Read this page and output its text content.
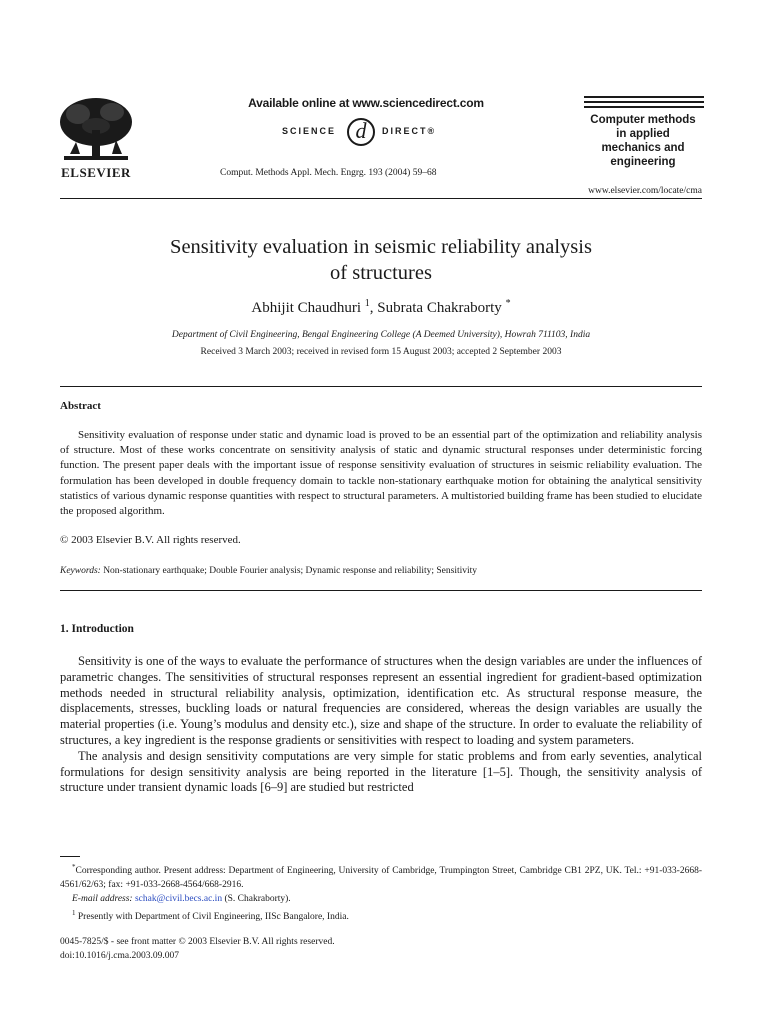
ELSEVIER
Available online at www.sciencedirect.com
SCIENCE d DIRECT®
Comput. Methods Appl. Mech. Engrg. 193 (2004) 59–68
Computer methods
in applied
mechanics and
engineering
www.elsevier.com/locate/cma
Sensitivity evaluation in seismic reliability analysis
of structures
Abhijit Chaudhuri $^1$, Subrata Chakraborty *
Department of Civil Engineering, Bengal Engineering College (A Deemed University), Howrah 711103, India
Received 3 March 2003; received in revised form 15 August 2003; accepted 2 September 2003
Abstract
Sensitivity evaluation of response under static and dynamic load is proved to be an essential part of the optimization and reliability analysis of structure. Most of these works concentrate on sensitivity analysis of static and dynamic structural responses under deterministic forcing function. The present paper deals with the important issue of response sensitivity evaluation of structures in seismic reliability evaluation. The formulation has been developed in double frequency domain to tackle non-stationary earthquake motion for obtaining the analytical sensitivity statistics of various dynamic response quantities with respect to structural parameters. A multistoried building frame has been studied to elucidate the proposed algorithm.
© 2003 Elsevier B.V. All rights reserved.
Keywords: Non-stationary earthquake; Double Fourier analysis; Dynamic response and reliability; Sensitivity
1. Introduction

Sensitivity is one of the ways to evaluate the performance of structures when the design variables are under the influences of parametric changes. The sensitivities of structural responses represent an essential ingredient for gradient-based optimization methods needed in structural reliability analysis, optimization, identification etc. As structural response measure, the displacements, stresses, buckling loads or natural frequencies are considered, whereas the design variables are usually the material properties (i.e. Young’s modulus and density etc.), size and shape of the structure. In order to evaluate the reliability of structures, a key ingredient is the response gradients or sensitivities with respect to loading and system parameters.

The analysis and design sensitivity computations are very simple for static problems and from early seventies, analytical formulations for design sensitivity analysis are being reported in the literature [1–5]. Though, the sensitivity analysis of structure under transient dynamic loads [6–9] are studied but restricted

*Corresponding author. Present address: Department of Engineering, University of Cambridge, Trumpington Street, Cambridge CB1 2PZ, UK. Tel.: +91-033-2668-4561/62/63; fax: +91-033-2668-4564/668-2916.
E-mail address: schak@civil.becs.ac.in (S. Chakraborty).
$^1$ Presently with Department of Civil Engineering, IISc Bangalore, India.
0045-7825/$ - see front matter © 2003 Elsevier B.V. All rights reserved.
doi:10.1016/j.cma.2003.09.007
